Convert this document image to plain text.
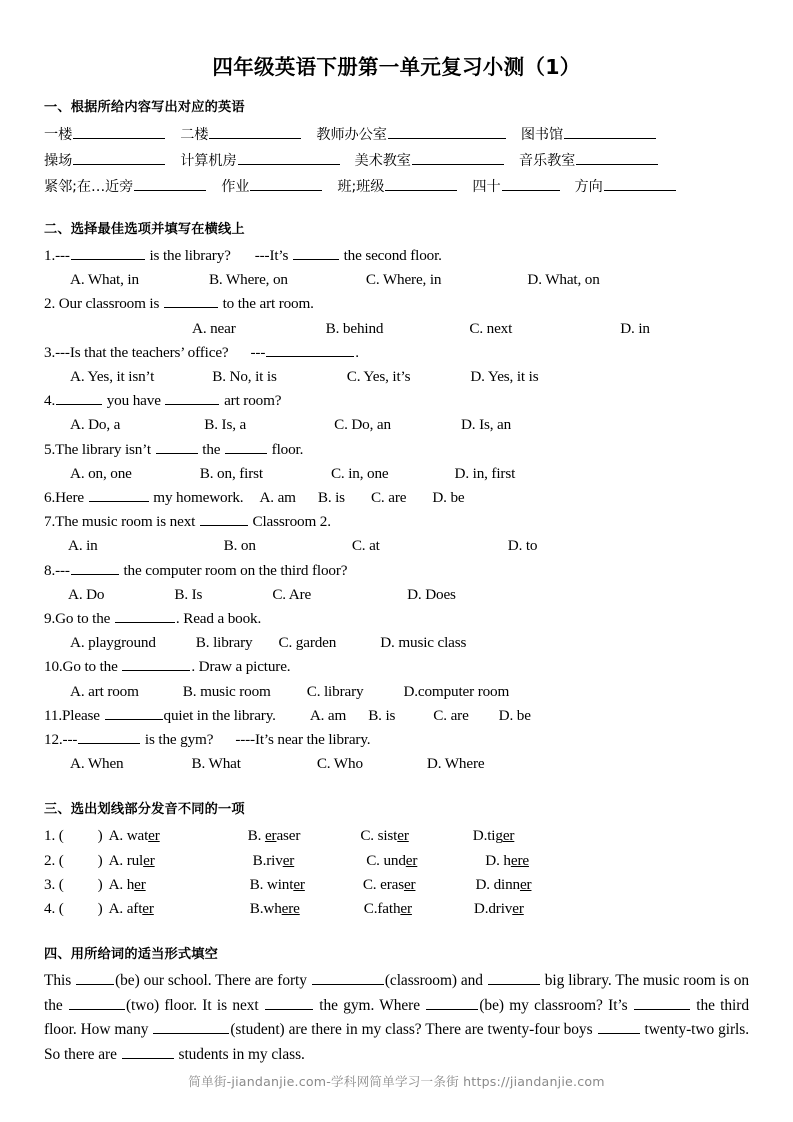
四年级英语下册第一单元复习小测（1）
一、根据所给内容写出对应的英语
一楼	二楼	教师办公室	图书馆
操场	计算机房	美术教室	音乐教室
紧邻;在…近旁	作业	班;班级	四十	方向
二、选择最佳选项并填写在横线上
1.---	is the library? ---It’s	the second floor.
A. What, in	B. Where, on	C. Where, in	D. What, on
2. Our classroom is	to the art room.
A. near	B. behind	C. next	D. in
3.---Is that the teachers’ office? ---	.
A. Yes, it isn’t	B. No, it is	C. Yes, it’s	D. Yes, it is
4.	you have	art room?
A. Do, a	B. Is, a	C. Do, an	D. Is, an
5.The library isn’t	the	floor.
A. on, one	B. on, first	C. in, one	D. in, first
6.Here	my homework. A. am B. is C. are D. be
7.The music room is next	Classroom 2.
A. in	B. on	C. at	D. to
8.---	the computer room on the third floor?
A. Do	B. Is	C. Are	D. Does
9.Go to the	. Read a book.
A. playground	B. library C. garden	D. music class
10.Go to the	. Draw a picture.
A. art room	B. music room C. library	D.computer room
11.Please	quiet in the library. A. am B. is	C. are D. be
12.---	is the gym? ----It’s near the library.
A. When	B. What	C. Who	D. Where
三、选出划线部分发音不同的一项
1. ( ) A. water	B. eraser	C. sister	D.tiger
2. ( ) A. ruler	B.river	C. under	D. here
3. ( ) A. her	B. winter	C. eraser	D. dinner
4. ( ) A. after	B.where	C.father	D.driver
四、用所给词的适当形式填空
This	(be) our school. There are forty	(classroom) and	big library. The music room is on the	(two) floor. It is next	the gym. Where	(be) my classroom? It’s	the third floor. How many	(student) are there in my class? There are twenty-four boys	twenty-two girls. So there are	students in my class.
简单街-jiandanjie.com-学科网简单学习一条街 https://jiandanjie.com
